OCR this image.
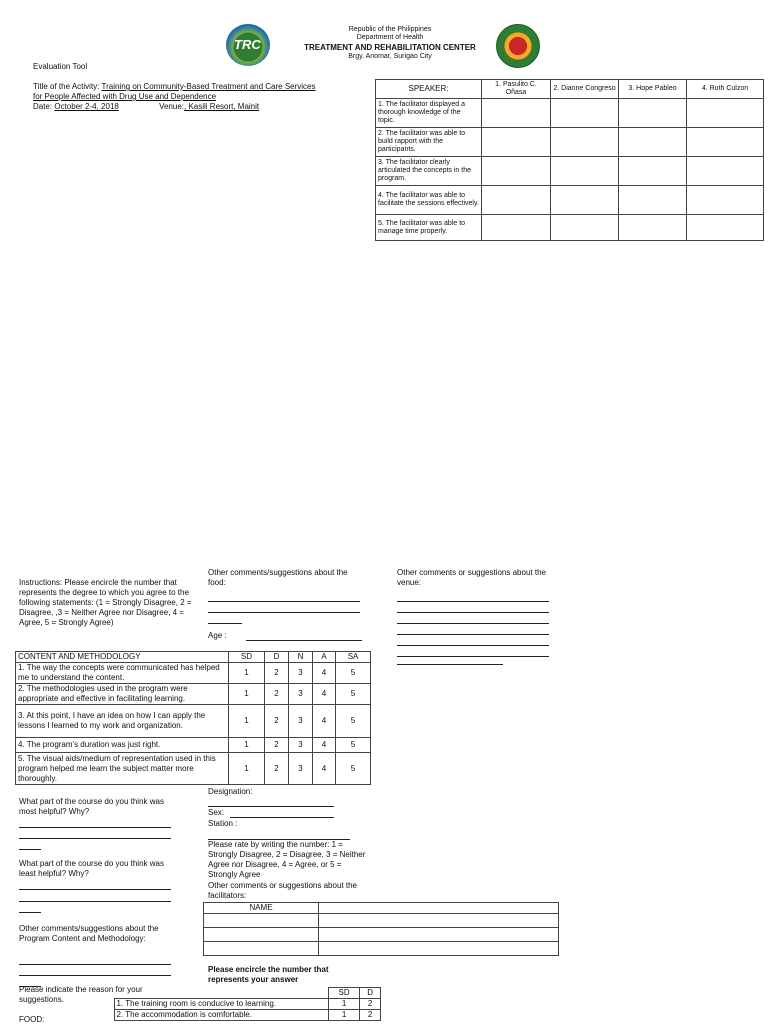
TRC
Republic of the Philippines
Department of Health
TREATMENT AND REHABILITATION CENTER
Brgy. Anomar, Surigao City
Evaluation Tool
Title of the Activity: Training on Community-Based Treatment and Care Services
for People Affected with Drug Use and Dependence
Date: October 2-4, 2018	Venue:, Kasili Resort, Mainit
SPEAKER:	1. Pasulito C. Oñasa	2. Dianne Congreso	3. Hope Pableo	4. Ruth Culzon
1. The facilitator displayed a thorough knowledge of the topic.				
2. The facilitator was able to build rapport with the participants.				
3. The facilitator clearly articulated the concepts in the program.				
4. The facilitator was able to facilitate the sessions effectively.				
5. The facilitator was able to manage time properly.				
Instructions: Please encircle the number that represents the degree to which you agree to the following statements: (1 = Strongly Disagree, 2 = Disagree, ,3 = Neither Agree nor Disagree, 4 = Agree, 5 = Strongly Agree)
CONTENT AND METHODOLOGY	SD	D	N	A	SA
1. The way the concepts were communicated has helped me to understand the content.	1	2	3	4	5
2. The methodologies used in the program were appropriate and effective in facilitating learning.	1	2	3	4	5
3. At this point, I have an idea on how I can apply the lessons I learned to my work and organization.	1	2	3	4	5
4. The program's duration was just right.	1	2	3	4	5
5. The visual aids/medium of representation used in this program helped me learn the subject matter more thoroughly.	1	2	3	4	5
What part of the course do you think was most helpful? Why?
What part of the course do you think was least helpful? Why?
Other comments/suggestions about the Program Content and Methodology:
Please indicate the reason for your suggestions.
FOOD:
Other comments/suggestions about the food:
Age :
Designation:
Sex:
Station :
Please rate by writing the number: 1 = Strongly Disagree, 2 = Disagree, 3 = Neither Agree nor Disagree, 4 = Agree, or 5 = Strongly Agree
Other comments or suggestions about the facilitators:
NAME	

Please encircle the number that represents your answer
Other comments or suggestions about the venue:
		SD	D
	1. The training room is conducive to learning.	1	2
	2. The accommodation is comfortable.	1	2
